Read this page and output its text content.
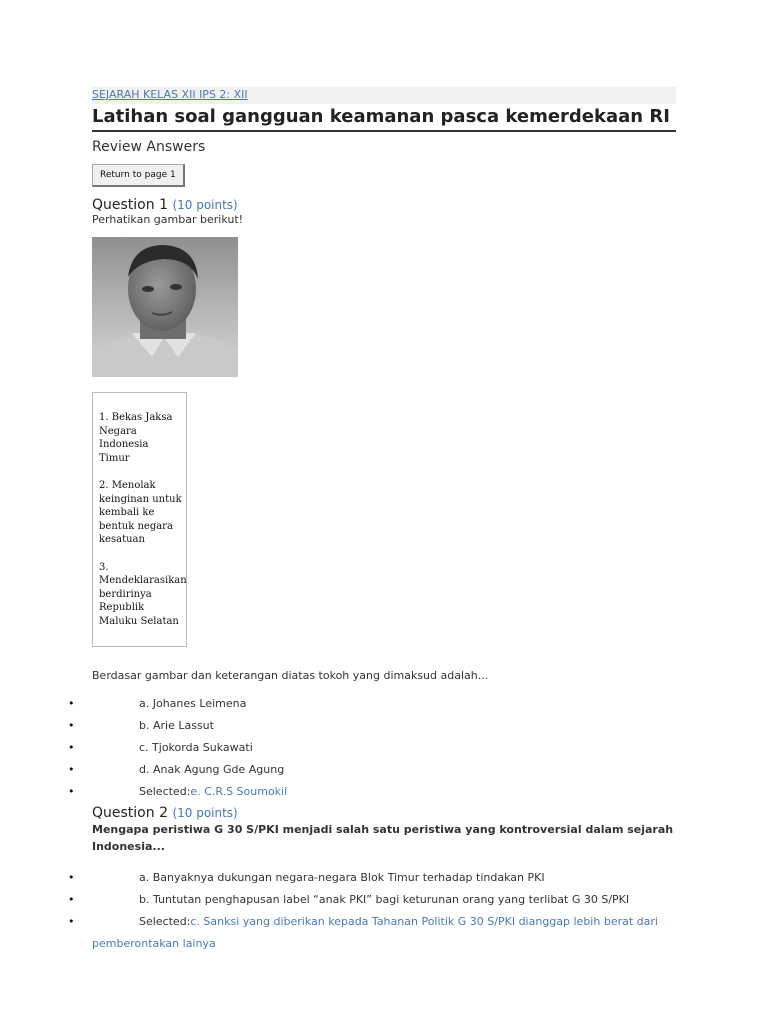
SEJARAH KELAS XII IPS 2: XII
Latihan soal gangguan keamanan pasca kemerdekaan RI
Review Answers
Return to page 1
Question 1 (10 points)
Perhatikan gambar berikut!

1. Bekas Jaksa Negara Indonesia Timur

2. Menolak keinginan untuk kembali ke bentuk negara kesatuan

3. Mendeklarasikan berdirinya Republik Maluku Selatan

Berdasar gambar dan keterangan diatas tokoh yang dimaksud adalah...
•	a. Johanes Leimena
•	b. Arie Lassut
•	c. Tjokorda Sukawati
•	d. Anak Agung Gde Agung
•	Selected:e. C.R.S Soumokil
Question 2 (10 points)
Mengapa peristiwa G 30 S/PKI menjadi salah satu peristiwa yang kontroversial dalam sejarah Indonesia...
•	a. Banyaknya dukungan negara-negara Blok Timur terhadap tindakan PKI
•	b. Tuntutan penghapusan label “anak PKI” bagi keturunan orang yang terlibat G 30 S/PKI
•	Selected:c. Sanksi yang diberikan kepada Tahanan Politik G 30 S/PKI dianggap lebih berat dari pemberontakan lainya
